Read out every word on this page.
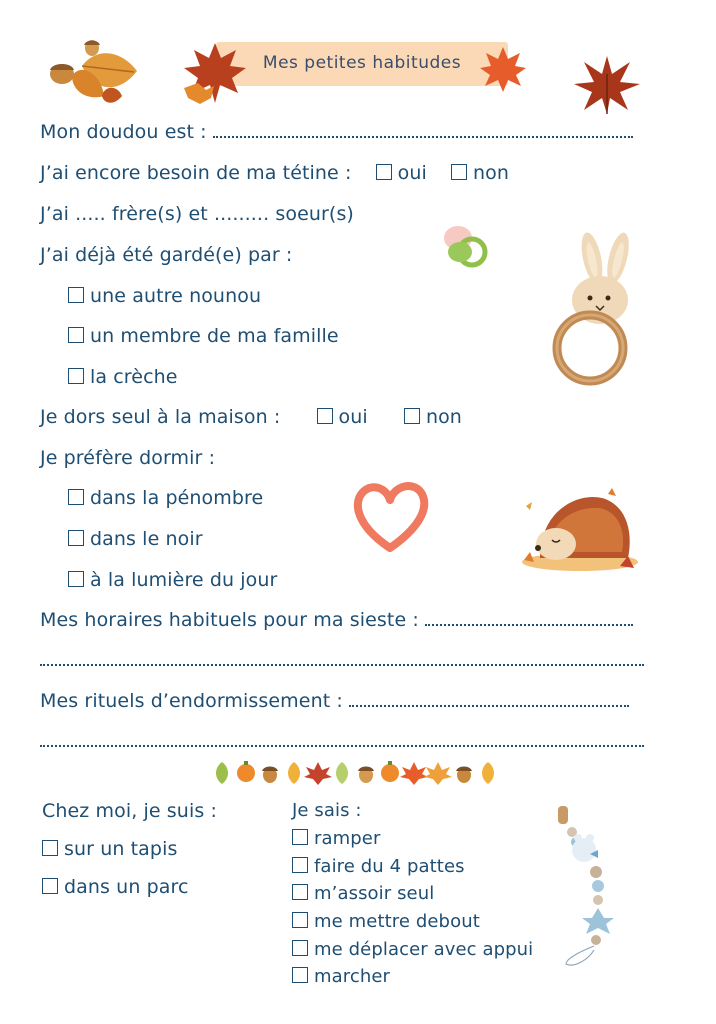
Mes petites habitudes
Mon doudou est :
J’ai encore besoin de ma tétine : oui non
J’ai ..... frère(s) et ......... soeur(s)
J’ai déjà été gardé(e) par :
une autre nounou
un membre de ma famille
la crèche
Je dors seul à la maison :	oui	non
Je préfère dormir :
dans la pénombre
dans le noir
à la lumière du jour
Mes horaires habituels pour ma sieste :
Mes rituels d’endormissement :
Chez moi, je suis :
sur un tapis
dans un parc
Je sais :
ramper
faire du 4 pattes
m’assoir seul
me mettre debout
me déplacer avec appui
marcher
